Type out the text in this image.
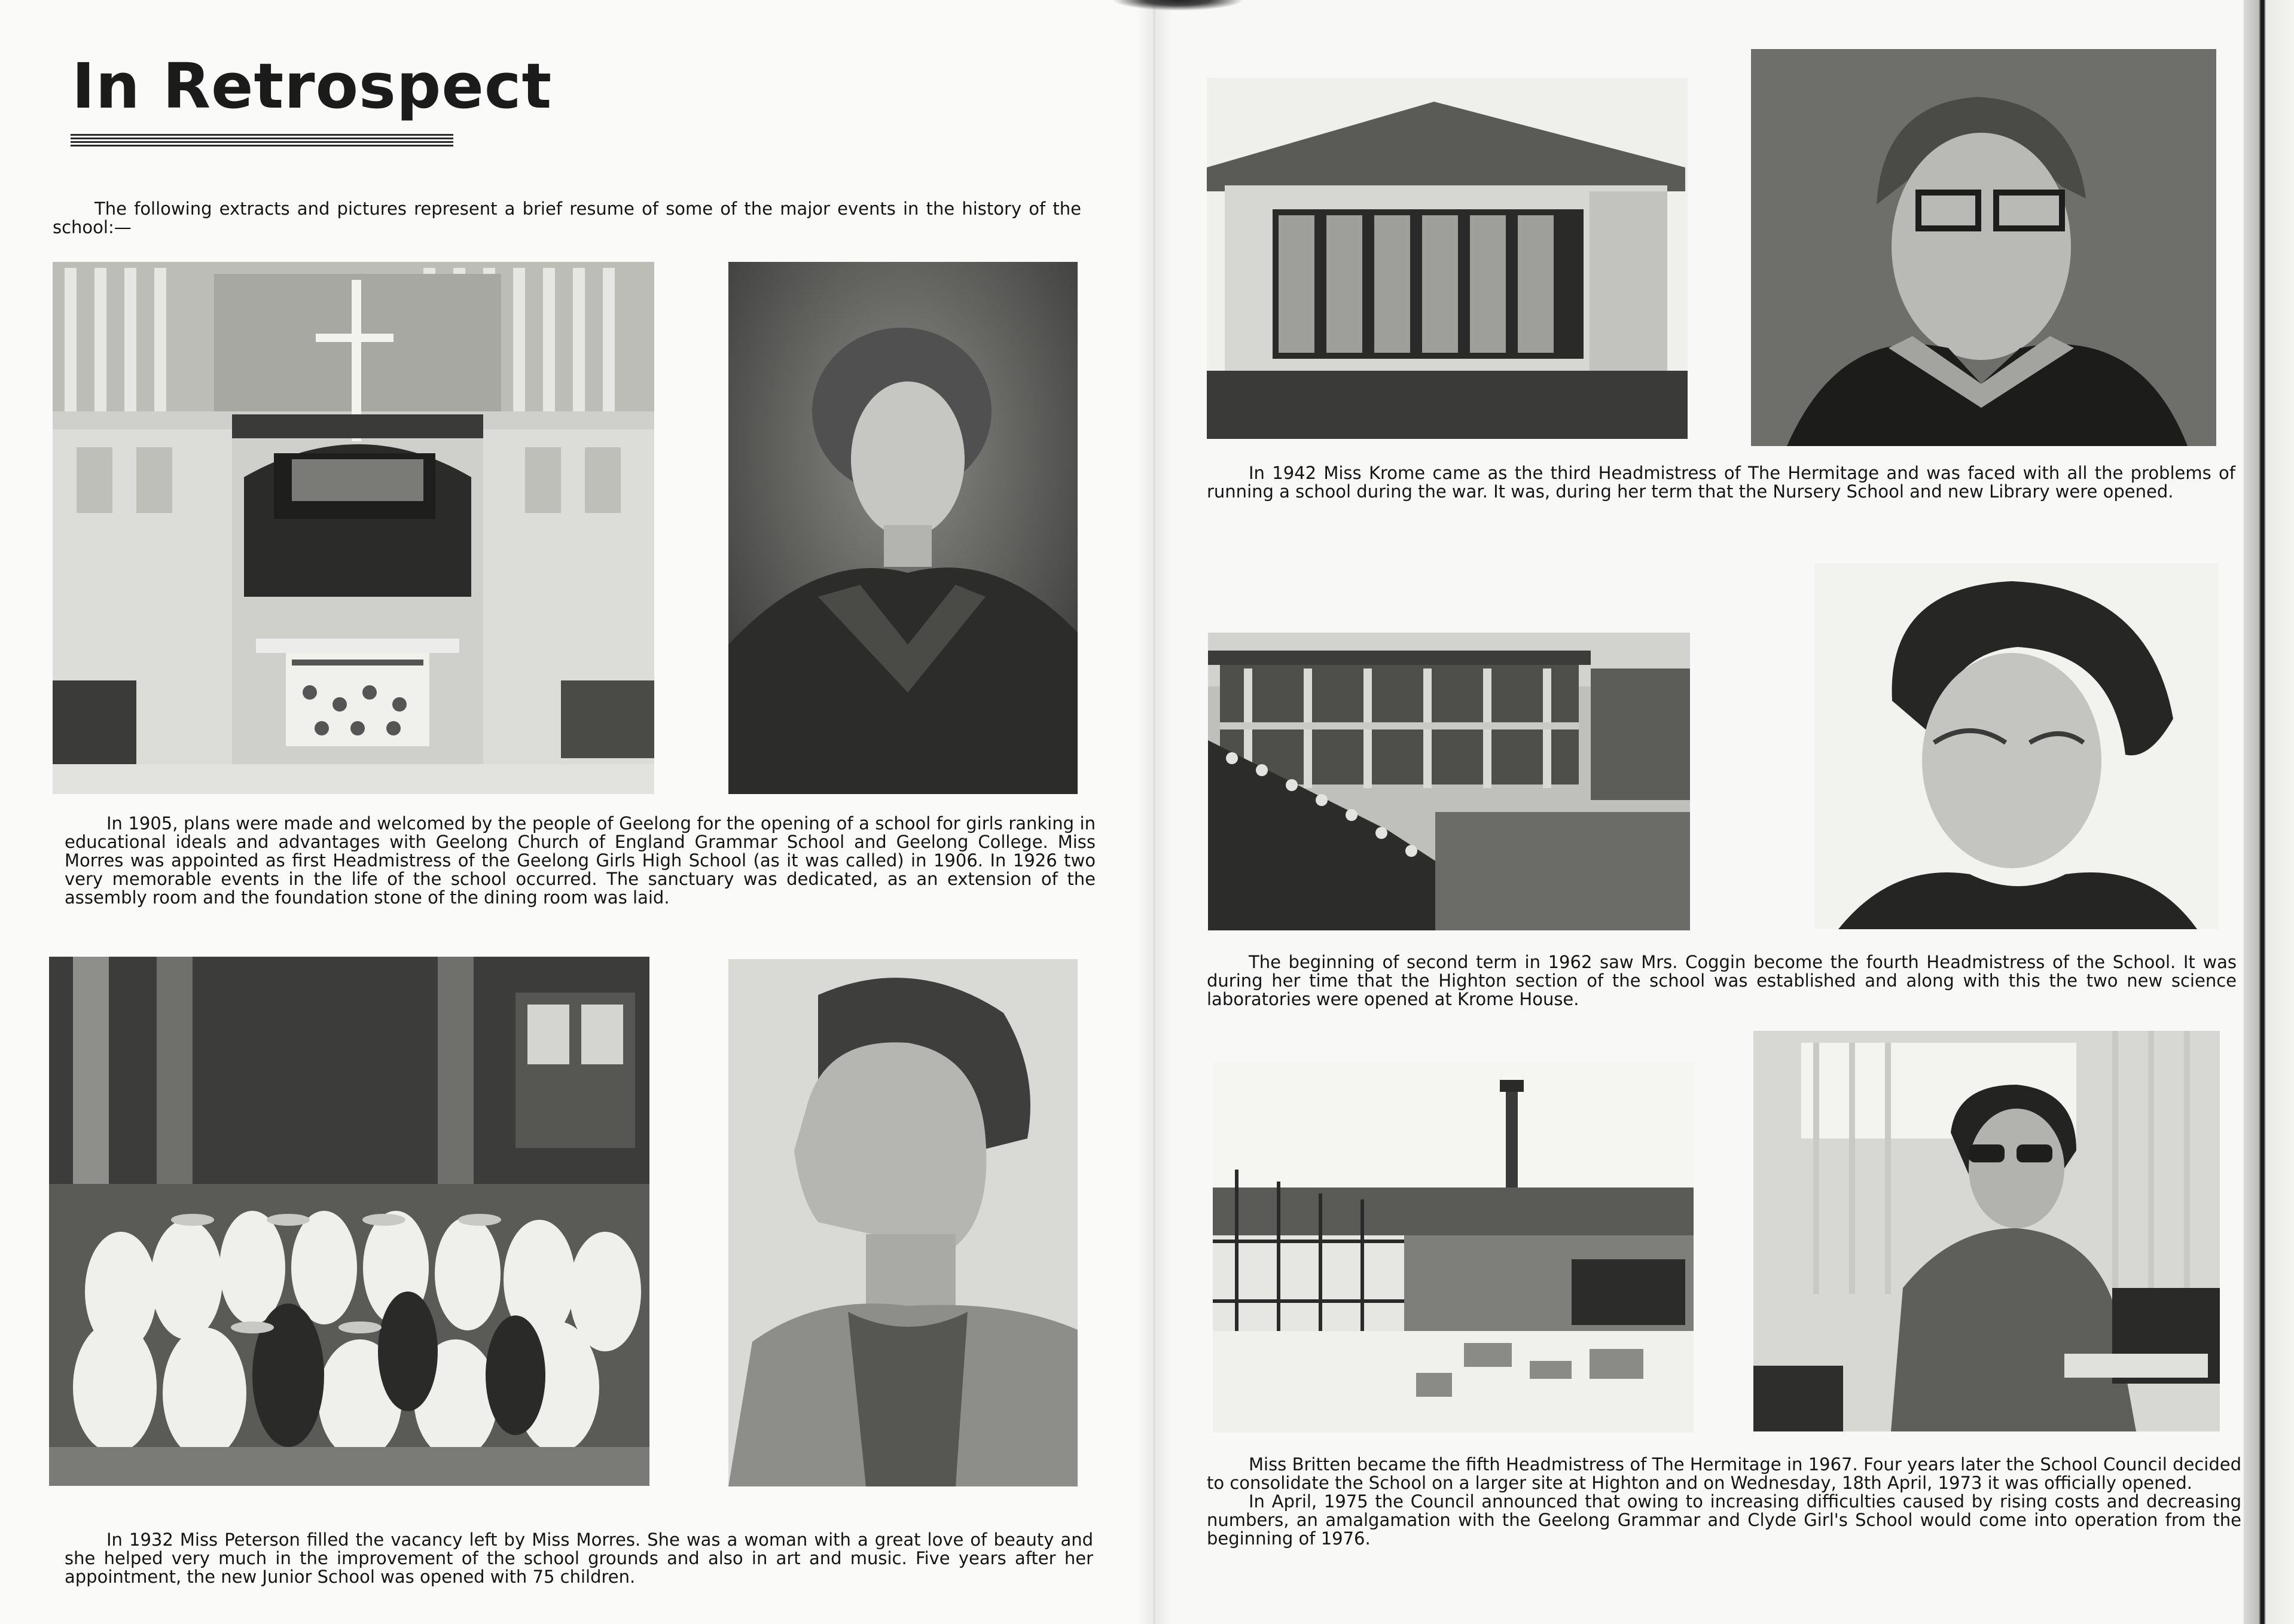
In Retrospect

The following extracts and pictures represent a brief resume of some of the major events in the history of the school:—

In 1905, plans were made and welcomed by the people of Geelong for the opening of a school for girls ranking in educational ideals and advantages with Geelong Church of England Grammar School and Geelong College. Miss Morres was appointed as first Headmistress of the Geelong Girls High School (as it was called) in 1906. In 1926 two very memorable events in the life of the school occurred. The sanctuary was dedicated, as an extension of the assembly room and the foundation stone of the dining room was laid.

In 1932 Miss Peterson filled the vacancy left by Miss Morres. She was a woman with a great love of beauty and she helped very much in the improvement of the school grounds and also in art and music. Five years after her appointment, the new Junior School was opened with 75 children.

In 1942 Miss Krome came as the third Headmistress of The Hermitage and was faced with all the problems of running a school during the war. It was, during her term that the Nursery School and new Library were opened.

The beginning of second term in 1962 saw Mrs. Coggin become the fourth Headmistress of the School. It was during her time that the Highton section of the school was established and along with this the two new science laboratories were opened at Krome House.

Miss Britten became the fifth Headmistress of The Hermitage in 1967. Four years later the School Council decided to consolidate the School on a larger site at Highton and on Wednesday, 18th April, 1973 it was officially opened.

In April, 1975 the Council announced that owing to increasing difficulties caused by rising costs and decreasing numbers, an amalgamation with the Geelong Grammar and Clyde Girl's School would come into operation from the beginning of 1976.
